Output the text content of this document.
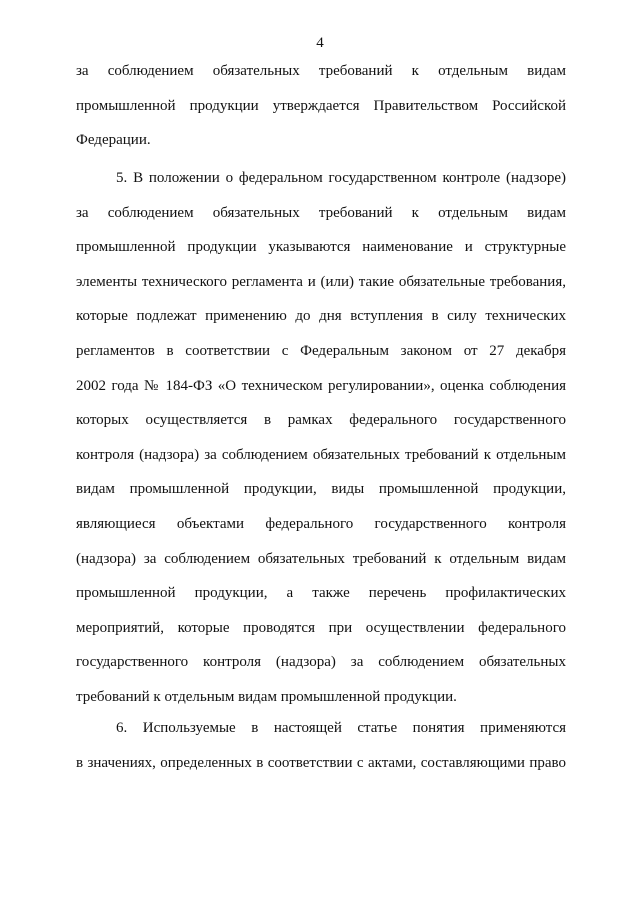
4
за соблюдением обязательных требований к отдельным видам
промышленной продукции утверждается Правительством Российской
Федерации.
5. В положении о федеральном государственном контроле (надзоре)
за соблюдением обязательных требований к отдельным видам
промышленной продукции указываются наименование и структурные
элементы технического регламента и (или) такие обязательные требования,
которые подлежат применению до дня вступления в силу технических
регламентов в соответствии с Федеральным законом от 27 декабря
2002 года № 184-ФЗ «О техническом регулировании», оценка соблюдения
которых осуществляется в рамках федерального государственного
контроля (надзора) за соблюдением обязательных требований к отдельным
видам промышленной продукции, виды промышленной продукции,
являющиеся объектами федерального государственного контроля
(надзора) за соблюдением обязательных требований к отдельным видам
промышленной продукции, а также перечень профилактических
мероприятий, которые проводятся при осуществлении федерального
государственного контроля (надзора) за соблюдением обязательных
требований к отдельным видам промышленной продукции.
6. Используемые в настоящей статье понятия применяются
в значениях, определенных в соответствии с актами, составляющими право
